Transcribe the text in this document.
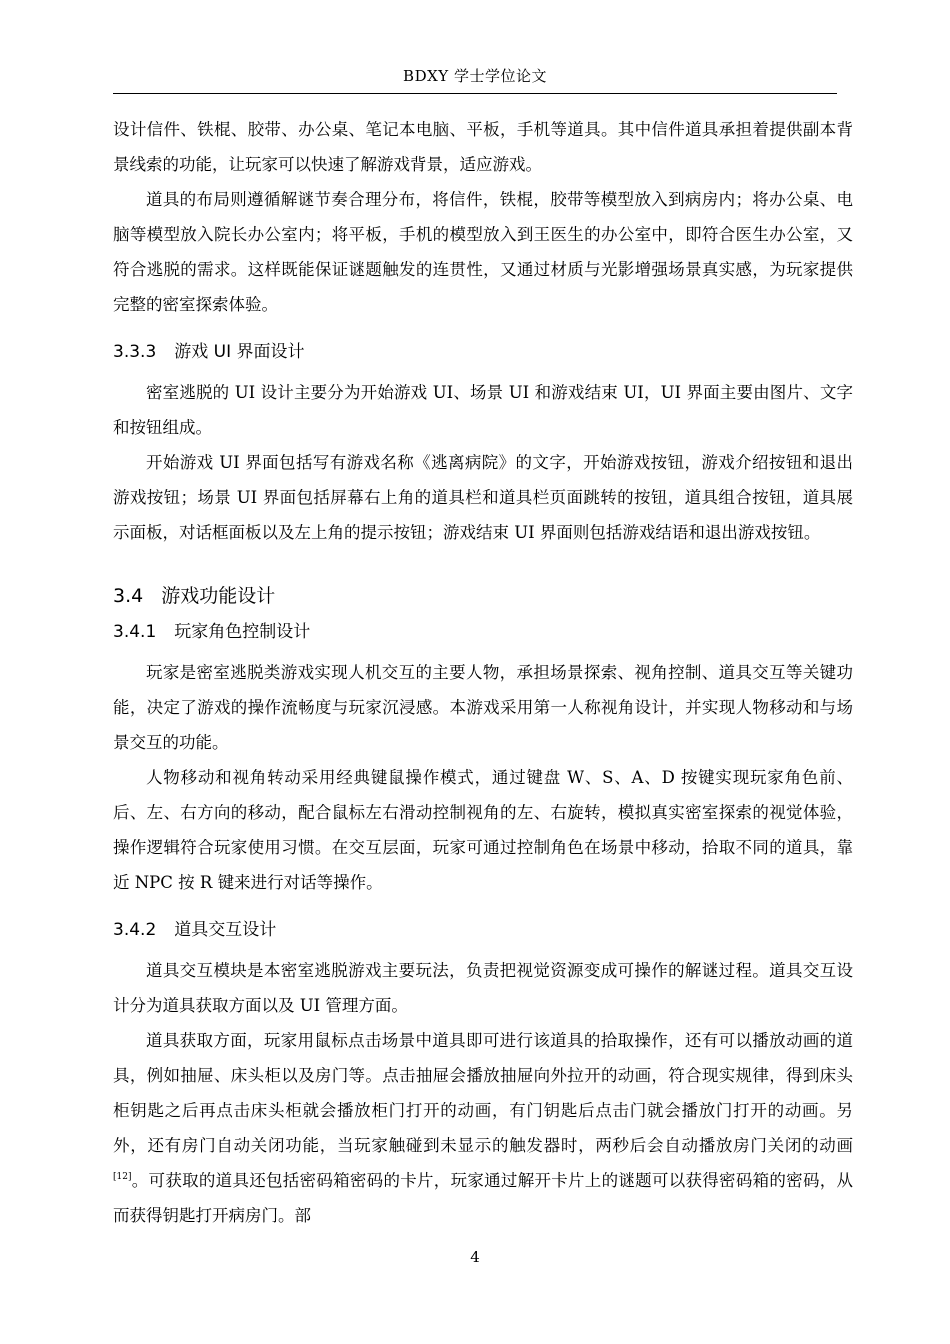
BDXY 学士学位论文

设计信件、铁棍、胶带、办公桌、笔记本电脑、平板，手机等道具。其中信件道具承担着提供副本背景线索的功能，让玩家可以快速了解游戏背景，适应游戏。

道具的布局则遵循解谜节奏合理分布，将信件，铁棍，胶带等模型放入到病房内；将办公桌、电脑等模型放入院长办公室内；将平板，手机的模型放入到王医生的办公室中，即符合医生办公室，又符合逃脱的需求。这样既能保证谜题触发的连贯性，又通过材质与光影增强场景真实感，为玩家提供完整的密室探索体验。

3.3.3 游戏 UI 界面设计

密室逃脱的 UI 设计主要分为开始游戏 UI、场景 UI 和游戏结束 UI，UI 界面主要由图片、文字和按钮组成。

开始游戏 UI 界面包括写有游戏名称《逃离病院》的文字，开始游戏按钮，游戏介绍按钮和退出游戏按钮；场景 UI 界面包括屏幕右上角的道具栏和道具栏页面跳转的按钮，道具组合按钮，道具展示面板，对话框面板以及左上角的提示按钮；游戏结束 UI 界面则包括游戏结语和退出游戏按钮。

3.4 游戏功能设计
3.4.1 玩家角色控制设计

玩家是密室逃脱类游戏实现人机交互的主要人物，承担场景探索、视角控制、道具交互等关键功能，决定了游戏的操作流畅度与玩家沉浸感。本游戏采用第一人称视角设计，并实现人物移动和与场景交互的功能。

人物移动和视角转动采用经典键鼠操作模式，通过键盘 W、S、A、D 按键实现玩家角色前、后、左、右方向的移动，配合鼠标左右滑动控制视角的左、右旋转，模拟真实密室探索的视觉体验，操作逻辑符合玩家使用习惯。在交互层面，玩家可通过控制角色在场景中移动，拾取不同的道具，靠近 NPC 按 R 键来进行对话等操作。

3.4.2 道具交互设计

道具交互模块是本密室逃脱游戏主要玩法，负责把视觉资源变成可操作的解谜过程。道具交互设计分为道具获取方面以及 UI 管理方面。

道具获取方面，玩家用鼠标点击场景中道具即可进行该道具的拾取操作，还有可以播放动画的道具，例如抽屉、床头柜以及房门等。点击抽屉会播放抽屉向外拉开的动画，符合现实规律，得到床头柜钥匙之后再点击床头柜就会播放柜门打开的动画，有门钥匙后点击门就会播放门打开的动画。另外，还有房门自动关闭功能，当玩家触碰到未显示的触发器时，两秒后会自动播放房门关闭的动画[12]。可获取的道具还包括密码箱密码的卡片，玩家通过解开卡片上的谜题可以获得密码箱的密码，从而获得钥匙打开病房门。部

4
